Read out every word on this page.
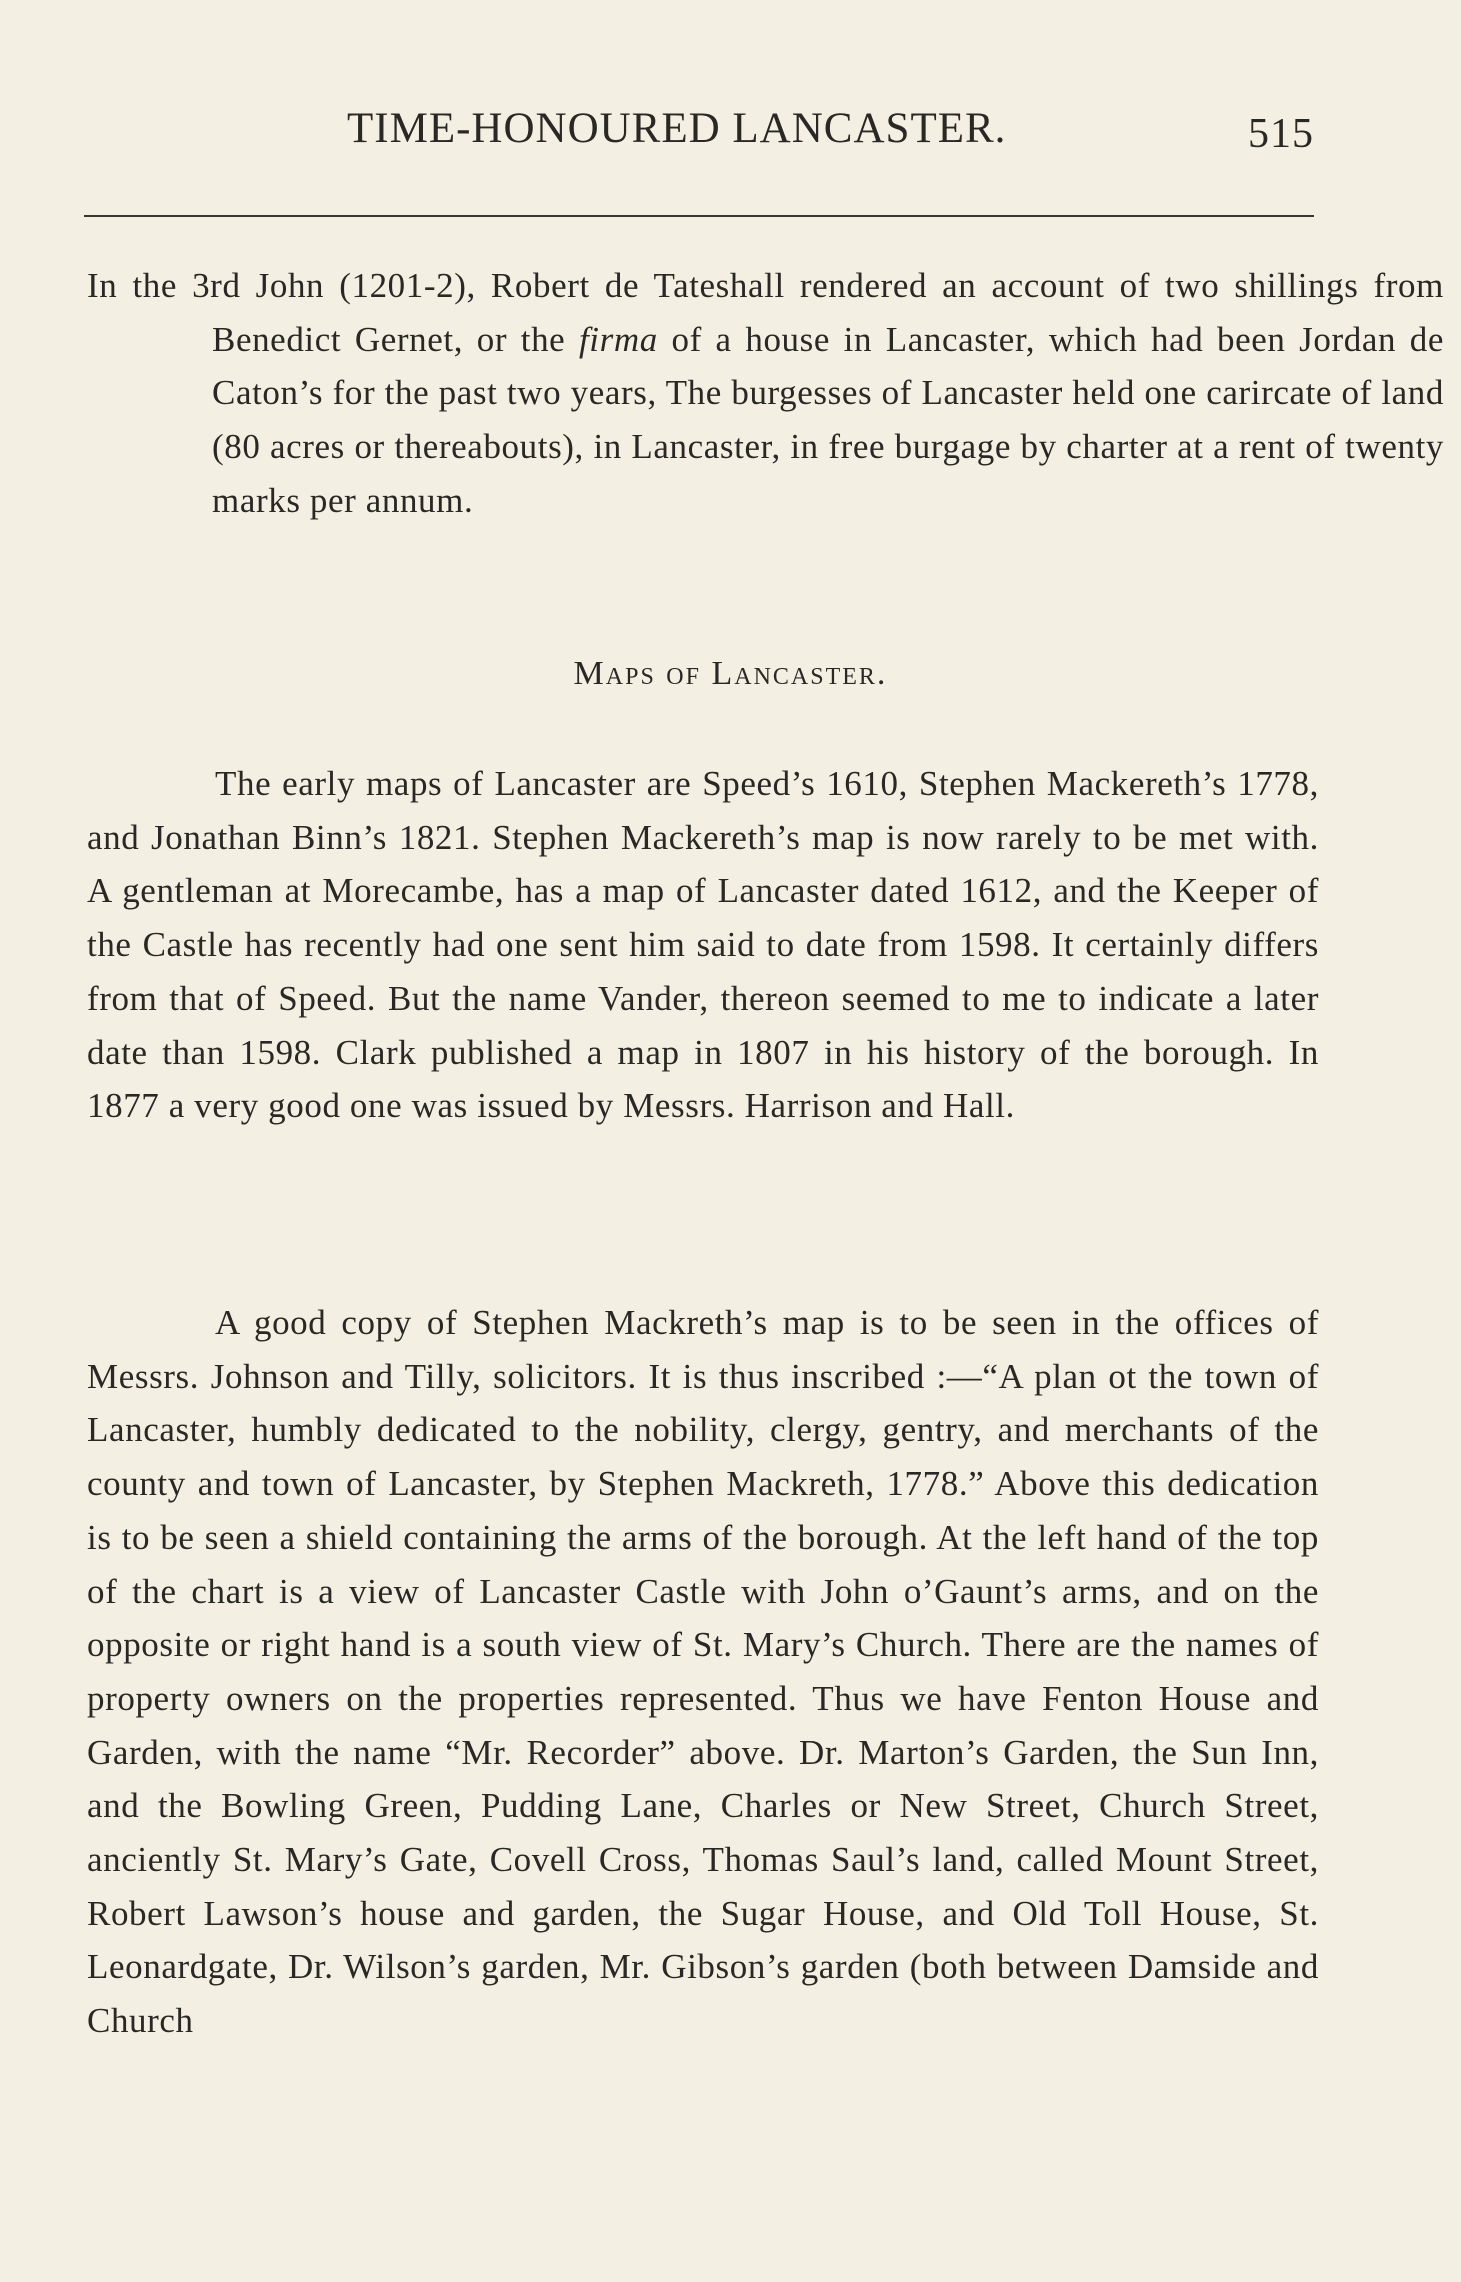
TIME-HONOURED LANCASTER.	515

In the 3rd John (1201-2), Robert de Tateshall rendered an account of two shillings from Benedict Gernet, or the firma of a house in Lancaster, which had been Jordan de Caton’s for the past two years, The burgesses of Lancaster held one carircate of land (80 acres or thereabouts), in Lancaster, in free burgage by charter at a rent of twenty marks per annum.

Maps of Lancaster.

The early maps of Lancaster are Speed’s 1610, Stephen Mackereth’s 1778, and Jonathan Binn’s 1821. Stephen Mackereth’s map is now rarely to be met with. A gentleman at Morecambe, has a map of Lancaster dated 1612, and the Keeper of the Castle has recently had one sent him said to date from 1598. It certainly differs from that of Speed. But the name Vander, thereon seemed to me to indicate a later date than 1598. Clark published a map in 1807 in his history of the borough. In 1877 a very good one was issued by Messrs. Harrison and Hall.

A good copy of Stephen Mackreth’s map is to be seen in the offices of Messrs. Johnson and Tilly, solicitors. It is thus inscribed :—“A plan ot the town of Lancaster, humbly dedicated to the nobility, clergy, gentry, and merchants of the county and town of Lancaster, by Stephen Mackreth, 1778.” Above this dedication is to be seen a shield containing the arms of the borough. At the left hand of the top of the chart is a view of Lancaster Castle with John o’Gaunt’s arms, and on the opposite or right hand is a south view of St. Mary’s Church. There are the names of property owners on the properties represented. Thus we have Fenton House and Garden, with the name “Mr. Recorder” above. Dr. Marton’s Garden, the Sun Inn, and the Bowling Green, Pudding Lane, Charles or New Street, Church Street, anciently St. Mary’s Gate, Covell Cross, Thomas Saul’s land, called Mount Street, Robert Lawson’s house and garden, the Sugar House, and Old Toll House, St. Leonardgate, Dr. Wilson’s garden, Mr. Gibson’s garden (both between Damside and Church
